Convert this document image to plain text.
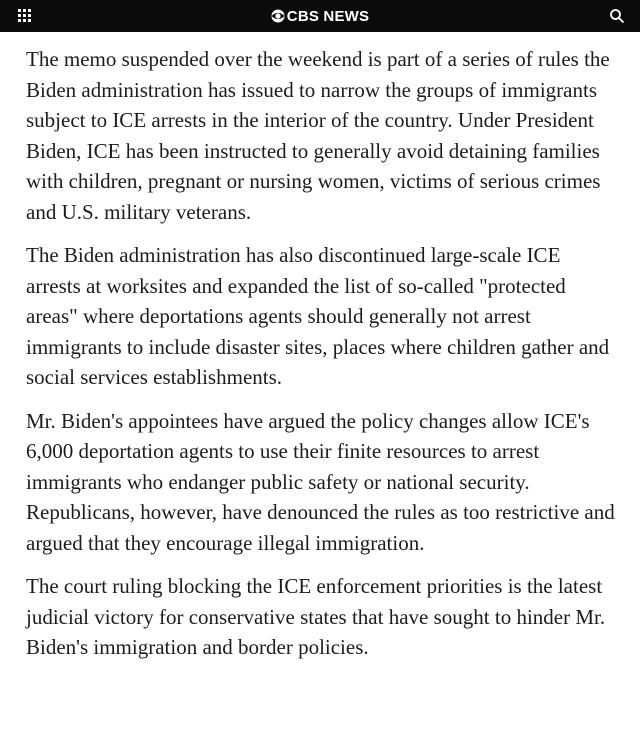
CBS NEWS

The memo suspended over the weekend is part of a series of rules the Biden administration has issued to narrow the groups of immigrants subject to ICE arrests in the interior of the country. Under President Biden, ICE has been instructed to generally avoid detaining families with children, pregnant or nursing women, victims of serious crimes and U.S. military veterans.

The Biden administration has also discontinued large-scale ICE arrests at worksites and expanded the list of so-called "protected areas" where deportations agents should generally not arrest immigrants to include disaster sites, places where children gather and social services establishments.

Mr. Biden's appointees have argued the policy changes allow ICE's 6,000 deportation agents to use their finite resources to arrest immigrants who endanger public safety or national security. Republicans, however, have denounced the rules as too restrictive and argued that they encourage illegal immigration.

The court ruling blocking the ICE enforcement priorities is the latest judicial victory for conservative states that have sought to hinder Mr. Biden's immigration and border policies.
